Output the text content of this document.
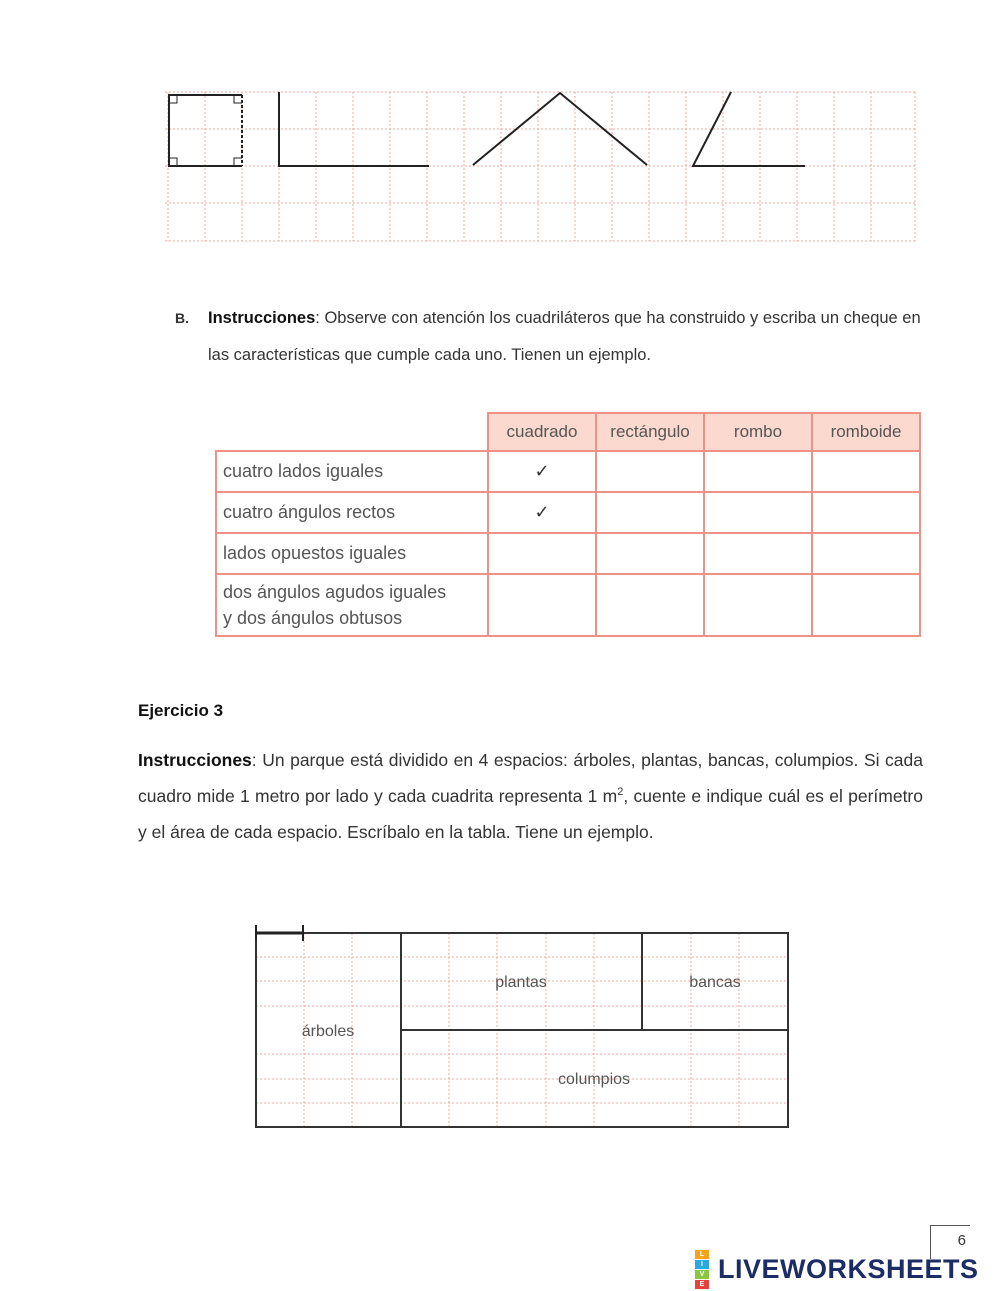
B. Instrucciones: Observe con atención los cuadriláteros que ha construido y escriba un cheque en las características que cumple cada uno. Tienen un ejemplo.
	cuadrado	rectángulo	rombo	romboide
cuatro lados iguales	✓			
cuatro ángulos rectos	✓			
lados opuestos iguales				
dos ángulos agudos iguales
y dos ángulos obtusos				
Ejercicio 3
Instrucciones: Un parque está dividido en 4 espacios: árboles, plantas, bancas, columpios. Si cada cuadro mide 1 metro por lado y cada cuadrita representa 1 $m^2$, cuente e indique cuál es el perímetro y el área de cada espacio. Escríbalo en la tabla. Tiene un ejemplo.
árboles
plantas	bancas
columpios
6
L
I
V
E
LIVEWORKSHEETS
